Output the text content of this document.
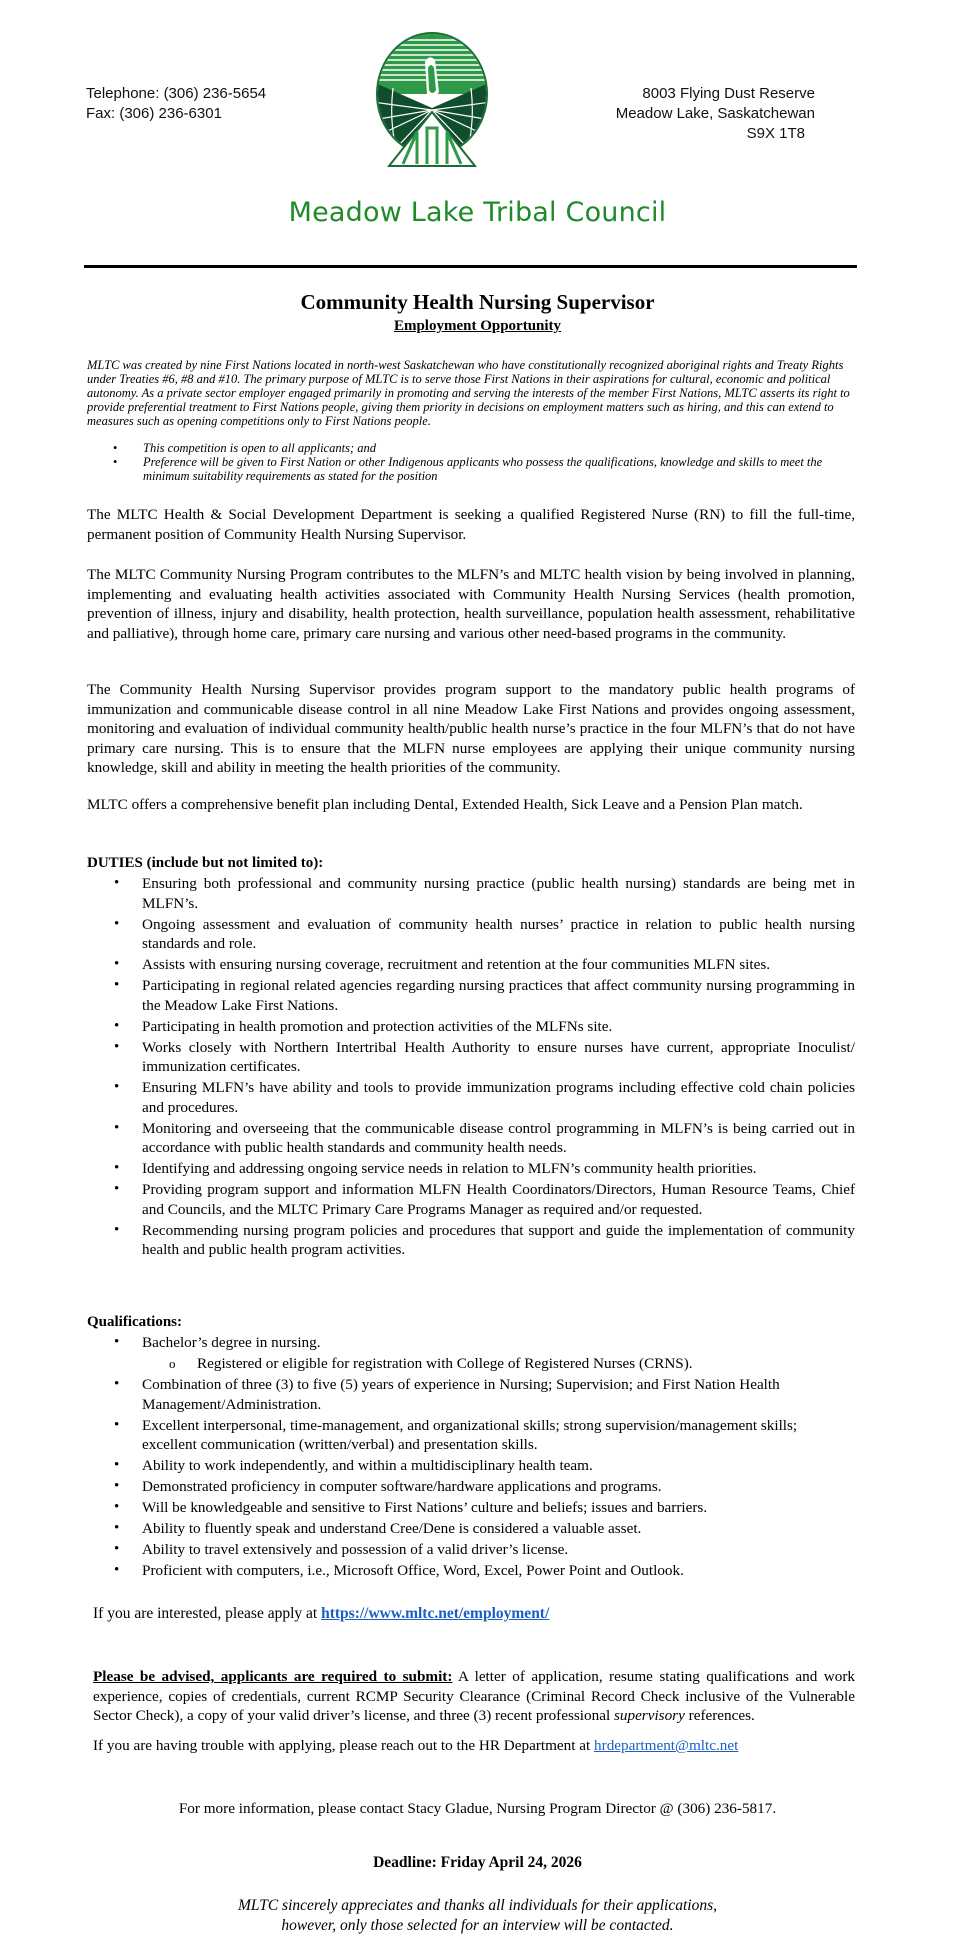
Telephone: (306) 236-5654
Fax: (306) 236-6301
8003 Flying Dust Reserve
Meadow Lake, Saskatchewan
S9X 1T8
Meadow Lake Tribal Council
Community Health Nursing Supervisor
Employment Opportunity
MLTC was created by nine First Nations located in north-west Saskatchewan who have constitutionally recognized aboriginal rights and Treaty Rights under Treaties #6, #8 and #10. The primary purpose of MLTC is to serve those First Nations in their aspirations for cultural, economic and political autonomy. As a private sector employer engaged primarily in promoting and serving the interests of the member First Nations, MLTC asserts its right to provide preferential treatment to First Nations people, giving them priority in decisions on employment matters such as hiring, and this can extend to measures such as opening competitions only to First Nations people.
• This competition is open to all applicants; and
• Preference will be given to First Nation or other Indigenous applicants who possess the qualifications, knowledge and skills to meet the minimum suitability requirements as stated for the position
The MLTC Health & Social Development Department is seeking a qualified Registered Nurse (RN) to fill the full-time, permanent position of Community Health Nursing Supervisor.
The MLTC Community Nursing Program contributes to the MLFN’s and MLTC health vision by being involved in planning, implementing and evaluating health activities associated with Community Health Nursing Services (health promotion, prevention of illness, injury and disability, health protection, health surveillance, population health assessment, rehabilitative and palliative), through home care, primary care nursing and various other need-based programs in the community.
The Community Health Nursing Supervisor provides program support to the mandatory public health programs of immunization and communicable disease control in all nine Meadow Lake First Nations and provides ongoing assessment, monitoring and evaluation of individual community health/public health nurse’s practice in the four MLFN’s that do not have primary care nursing. This is to ensure that the MLFN nurse employees are applying their unique community nursing knowledge, skill and ability in meeting the health priorities of the community.
MLTC offers a comprehensive benefit plan including Dental, Extended Health, Sick Leave and a Pension Plan match.
DUTIES (include but not limited to):
• Ensuring both professional and community nursing practice (public health nursing) standards are being met in MLFN’s.
• Ongoing assessment and evaluation of community health nurses’ practice in relation to public health nursing standards and role.
• Assists with ensuring nursing coverage, recruitment and retention at the four communities MLFN sites.
• Participating in regional related agencies regarding nursing practices that affect community nursing programming in the Meadow Lake First Nations.
• Participating in health promotion and protection activities of the MLFNs site.
• Works closely with Northern Intertribal Health Authority to ensure nurses have current, appropriate Inoculist/ immunization certificates.
• Ensuring MLFN’s have ability and tools to provide immunization programs including effective cold chain policies and procedures.
• Monitoring and overseeing that the communicable disease control programming in MLFN’s is being carried out in accordance with public health standards and community health needs.
• Identifying and addressing ongoing service needs in relation to MLFN’s community health priorities.
• Providing program support and information MLFN Health Coordinators/Directors, Human Resource Teams, Chief and Councils, and the MLTC Primary Care Programs Manager as required and/or requested.
• Recommending nursing program policies and procedures that support and guide the implementation of community health and public health program activities.
Qualifications:
• Bachelor’s degree in nursing.
o Registered or eligible for registration with College of Registered Nurses (CRNS).
• Combination of three (3) to five (5) years of experience in Nursing; Supervision; and First Nation Health Management/Administration.
• Excellent interpersonal, time-management, and organizational skills; strong supervision/management skills; excellent communication (written/verbal) and presentation skills.
• Ability to work independently, and within a multidisciplinary health team.
• Demonstrated proficiency in computer software/hardware applications and programs.
• Will be knowledgeable and sensitive to First Nations’ culture and beliefs; issues and barriers.
• Ability to fluently speak and understand Cree/Dene is considered a valuable asset.
• Ability to travel extensively and possession of a valid driver’s license.
• Proficient with computers, i.e., Microsoft Office, Word, Excel, Power Point and Outlook.
If you are interested, please apply at https://www.mltc.net/employment/
Please be advised, applicants are required to submit: A letter of application, resume stating qualifications and work experience, copies of credentials, current RCMP Security Clearance (Criminal Record Check inclusive of the Vulnerable Sector Check), a copy of your valid driver’s license, and three (3) recent professional supervisory references.
If you are having trouble with applying, please reach out to the HR Department at hrdepartment@mltc.net
For more information, please contact Stacy Gladue, Nursing Program Director @ (306) 236-5817.
Deadline: Friday April 24, 2026
MLTC sincerely appreciates and thanks all individuals for their applications,
however, only those selected for an interview will be contacted.
